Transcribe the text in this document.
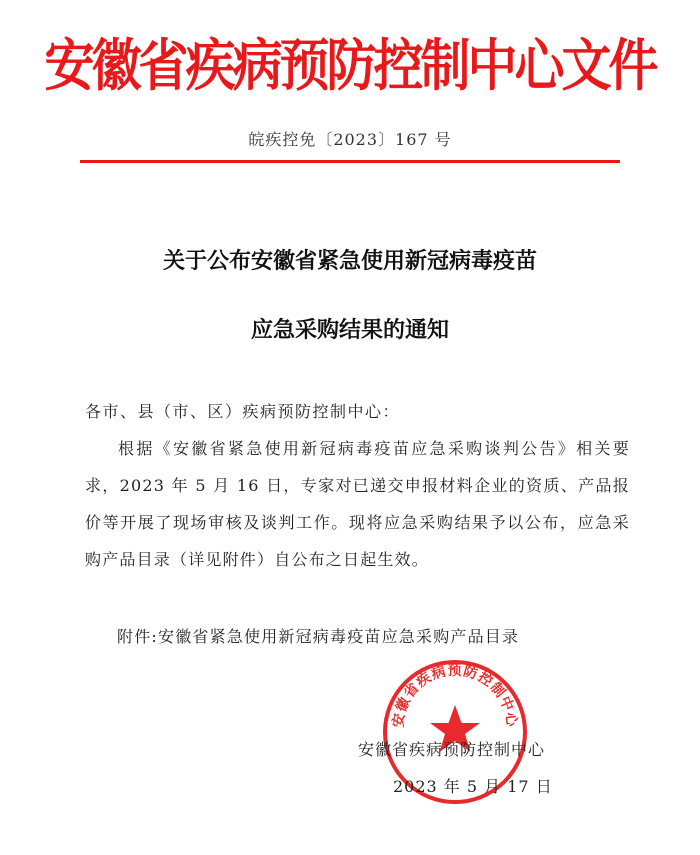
安徽省疾病预防控制中心文件
皖疾控免〔2023〕167 号
关于公布安徽省紧急使用新冠病毒疫苗
应急采购结果的通知
各市、县（市、区）疾病预防控制中心：

根据《安徽省紧急使用新冠病毒疫苗应急采购谈判公告》相关要求，2023 年 5 月 16 日，专家对已递交申报材料企业的资质、产品报价等开展了现场审核及谈判工作。现将应急采购结果予以公布，应急采购产品目录（详见附件）自公布之日起生效。

附件:安徽省紧急使用新冠病毒疫苗应急采购产品目录
安徽省疾病预防控制中心
安徽省疾病预防控制中心
2023 年 5 月 17 日
